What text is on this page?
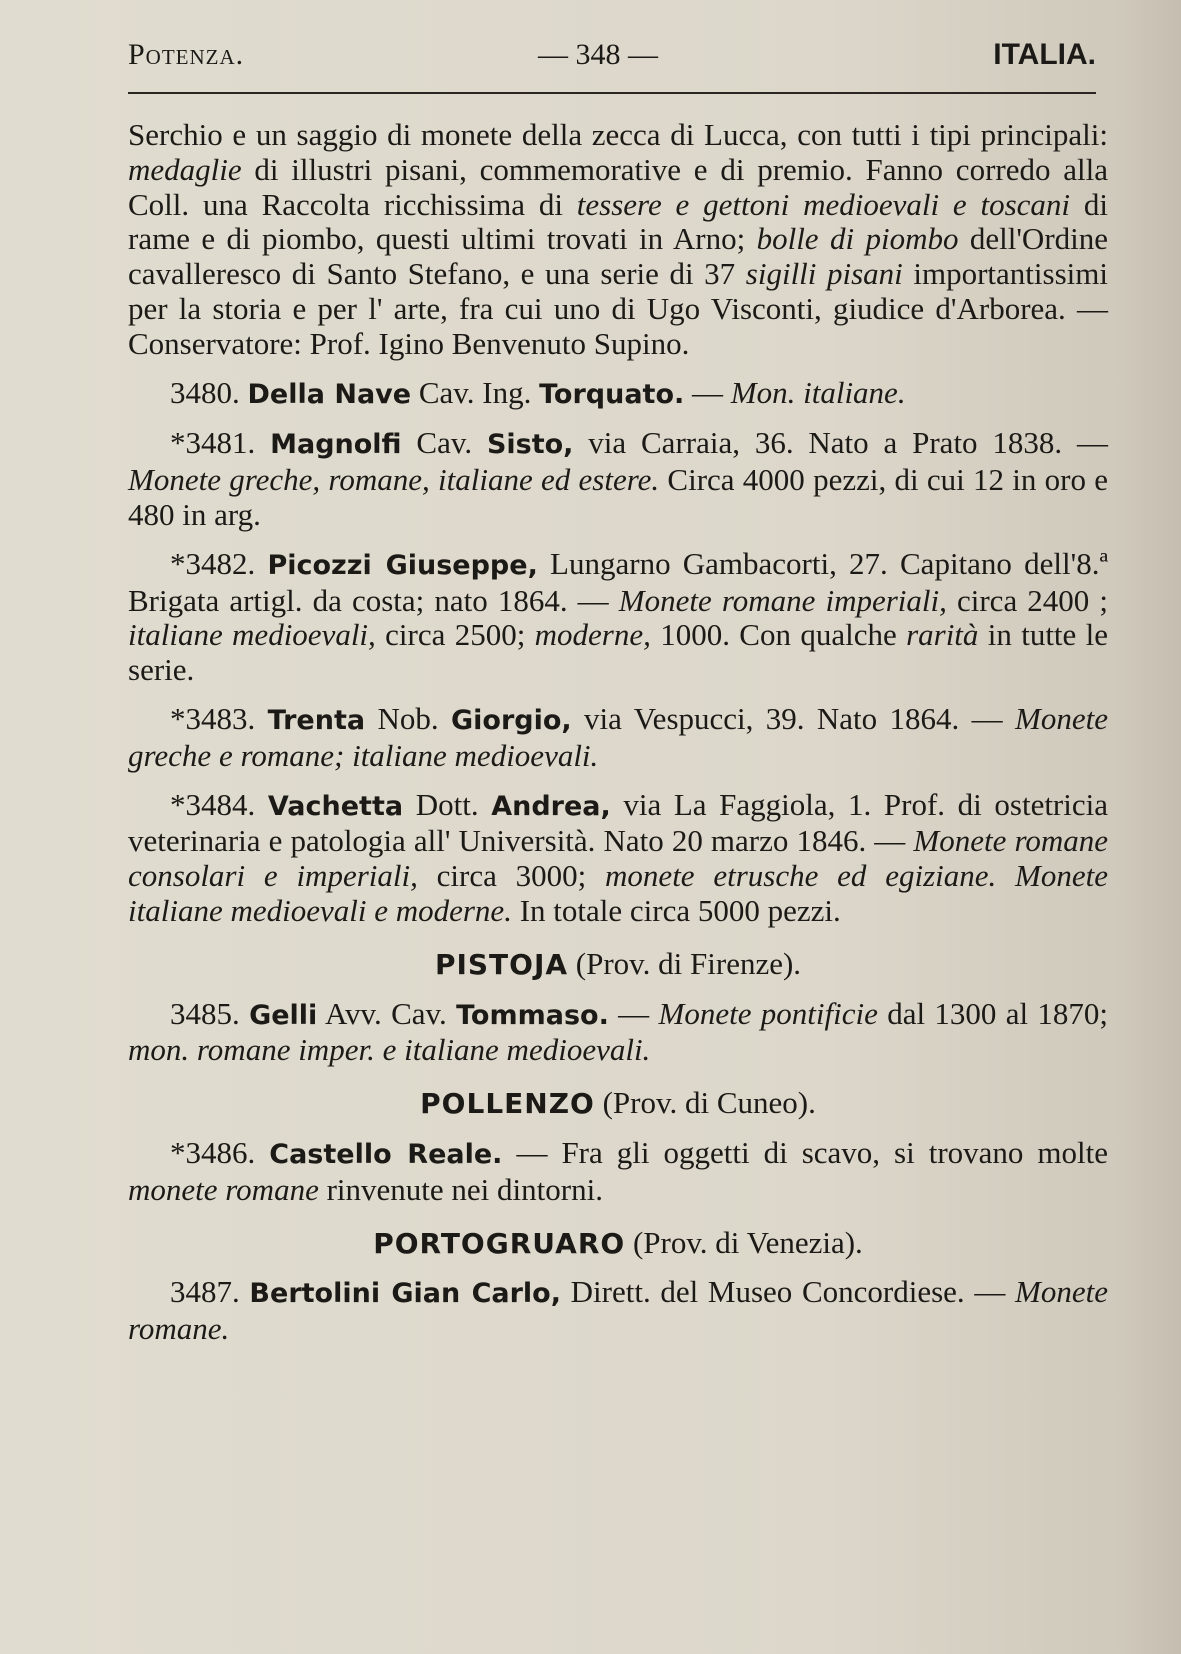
Potenza.	— 348 —	ITALIA.

Serchio e un saggio di monete della zecca di Lucca, con tutti i tipi principali: medaglie di illustri pisani, commemorative e di premio. Fanno corredo alla Coll. una Raccolta ricchissima di tessere e gettoni medioevali e toscani di rame e di piombo, questi ultimi trovati in Arno; bolle di piombo dell'Ordine cavalleresco di Santo Stefano, e una serie di 37 sigilli pisani importantissimi per la storia e per l' arte, fra cui uno di Ugo Visconti, giudice d'Arborea. — Conservatore: Prof. Igino Benvenuto Supino.

3480. Della Nave Cav. Ing. Torquato. — Mon. italiane.

*3481. Magnolfi Cav. Sisto, via Carraia, 36. Nato a Prato 1838. — Monete greche, romane, italiane ed estere. Circa 4000 pezzi, di cui 12 in oro e 480 in arg.

*3482. Picozzi Giuseppe, Lungarno Gambacorti, 27. Capitano dell'8.ª Brigata artigl. da costa; nato 1864. — Monete romane imperiali, circa 2400 ; italiane medioevali, circa 2500; moderne, 1000. Con qualche rarità in tutte le serie.

*3483. Trenta Nob. Giorgio, via Vespucci, 39. Nato 1864. — Monete greche e romane; italiane medioevali.

*3484. Vachetta Dott. Andrea, via La Faggiola, 1. Prof. di ostetricia veterinaria e patologia all' Università. Nato 20 marzo 1846. — Monete romane consolari e imperiali, circa 3000; monete etrusche ed egiziane. Monete italiane medioevali e moderne. In totale circa 5000 pezzi.

PISTOJA (Prov. di Firenze).

3485. Gelli Avv. Cav. Tommaso. — Monete pontificie dal 1300 al 1870; mon. romane imper. e italiane medioevali.

POLLENZO (Prov. di Cuneo).

*3486. Castello Reale. — Fra gli oggetti di scavo, si trovano molte monete romane rinvenute nei dintorni.

PORTOGRUARO (Prov. di Venezia).

3487. Bertolini Gian Carlo, Dirett. del Museo Concordiese. — Monete romane.
